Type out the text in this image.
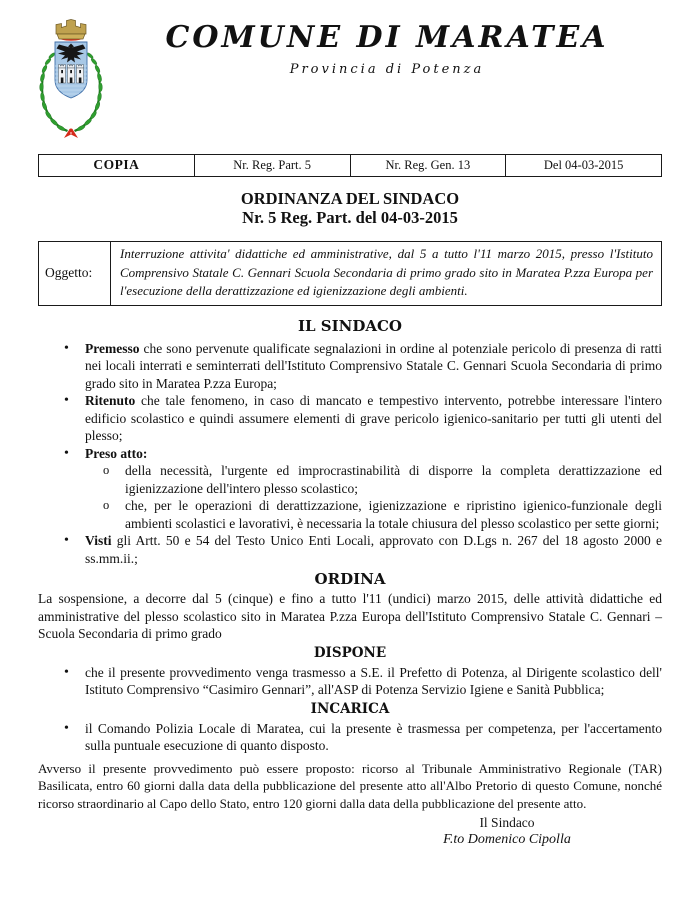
COMUNE DI MARATEA
Provincia di Potenza
COPIA	Nr. Reg. Part. 5	Nr. Reg. Gen. 13	Del 04-03-2015
ORDINANZA DEL SINDACO
Nr. 5 Reg. Part. del 04-03-2015
Oggetto:	Interruzione attivita' didattiche ed amministrative, dal 5 a tutto l'11 marzo 2015, presso l'Istituto Comprensivo Statale C. Gennari Scuola Secondaria di primo grado sito in Maratea P.zza Europa per l'esecuzione della derattizzazione ed igienizzazione degli ambienti.
IL SINDACO
• Premesso che sono pervenute qualificate segnalazioni in ordine al potenziale pericolo di presenza di ratti nei locali interrati e seminterrati dell'Istituto Comprensivo Statale C. Gennari Scuola Secondaria di primo grado sito in Maratea P.zza Europa;
• Ritenuto che tale fenomeno, in caso di mancato e tempestivo intervento, potrebbe interessare l'intero edificio scolastico e quindi assumere elementi di grave pericolo igienico-sanitario per tutti gli utenti del plesso;
• Preso atto:
o della necessità, l'urgente ed improcrastinabilità di disporre la completa derattizzazione ed igienizzazione dell'intero plesso scolastico;
o che, per le operazioni di derattizzazione, igienizzazione e ripristino igienico-funzionale degli ambienti scolastici e lavorativi, è necessaria la totale chiusura del plesso scolastico per sette giorni;
• Visti gli Artt. 50 e 54 del Testo Unico Enti Locali, approvato con D.Lgs n. 267 del 18 agosto 2000 e ss.mm.ii.;
ORDINA

La sospensione, a decorre dal 5 (cinque) e fino a tutto l'11 (undici) marzo 2015, delle attività didattiche ed amministrative del plesso scolastico sito in Maratea P.zza Europa dell'Istituto Comprensivo Statale C. Gennari – Scuola Secondaria di primo grado

DISPONE
• che il presente provvedimento venga trasmesso a S.E. il Prefetto di Potenza, al Dirigente scolastico dell' Istituto Comprensivo “Casimiro Gennari”, all'ASP di Potenza Servizio Igiene e Sanità Pubblica;
INCARICA
• il Comando Polizia Locale di Maratea, cui la presente è trasmessa per competenza, per l'accertamento sulla puntuale esecuzione di quanto disposto.

Avverso il presente provvedimento può essere proposto: ricorso al Tribunale Amministrativo Regionale (TAR) Basilicata, entro 60 giorni dalla data della pubblicazione del presente atto all'Albo Pretorio di questo Comune, nonché ricorso straordinario al Capo dello Stato, entro 120 giorni dalla data della pubblicazione del presente atto.

Il Sindaco
F.to Domenico Cipolla
